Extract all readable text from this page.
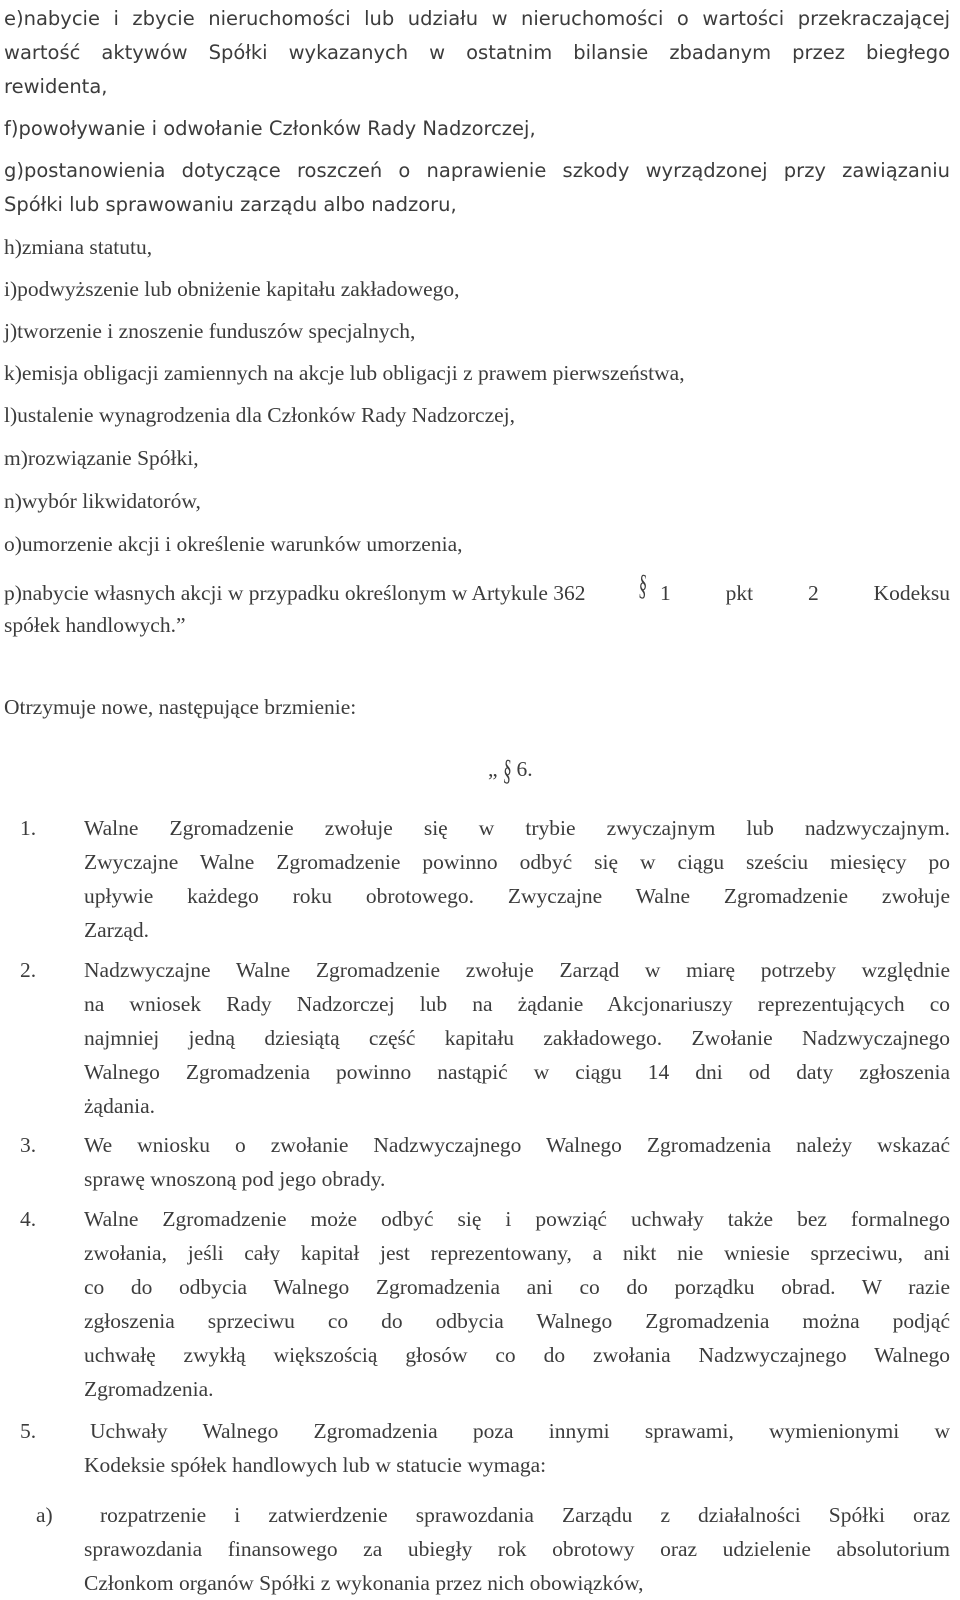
e)nabycie i zbycie nieruchomości lub udziału w nieruchomości o wartości przekraczającej
wartość aktywów Spółki wykazanych w ostatnim bilansie zbadanym przez biegłego
rewidenta,
f)powoływanie i odwołanie Członków Rady Nadzorczej,
g)postanowienia dotyczące roszczeń o naprawienie szkody wyrządzonej przy zawiązaniu
Spółki lub sprawowaniu zarządu albo nadzoru,
h)zmiana statutu,
i)podwyższenie lub obniżenie kapitału zakładowego,
j)tworzenie i znoszenie funduszów specjalnych,
k)emisja obligacji zamiennych na akcje lub obligacji z prawem pierwszeństwa,
l)ustalenie wynagrodzenia dla Członków Rady Nadzorczej,
m)rozwiązanie Spółki,
n)wybór likwidatorów,
o)umorzenie akcji i określenie warunków umorzenia,
p)nabycie własnych akcji w przypadku określonym w Artykule 362 § 1 pkt 2 Kodeksu
spółek handlowych.”
Otrzymuje nowe, następujące brzmienie:
„ § 6.
1. Walne Zgromadzenie zwołuje się w trybie zwyczajnym lub nadzwyczajnym.
Zwyczajne Walne Zgromadzenie powinno odbyć się w ciągu sześciu miesięcy po
upływie każdego roku obrotowego. Zwyczajne Walne Zgromadzenie zwołuje
Zarząd.
2. Nadzwyczajne Walne Zgromadzenie zwołuje Zarząd w miarę potrzeby względnie
na wniosek Rady Nadzorczej lub na żądanie Akcjonariuszy reprezentujących co
najmniej jedną dziesiątą część kapitału zakładowego. Zwołanie Nadzwyczajnego
Walnego Zgromadzenia powinno nastąpić w ciągu 14 dni od daty zgłoszenia
żądania.
3. We wniosku o zwołanie Nadzwyczajnego Walnego Zgromadzenia należy wskazać
sprawę wnoszoną pod jego obrady.
4. Walne Zgromadzenie może odbyć się i powziąć uchwały także bez formalnego
zwołania, jeśli cały kapitał jest reprezentowany, a nikt nie wniesie sprzeciwu, ani
co do odbycia Walnego Zgromadzenia ani co do porządku obrad. W razie
zgłoszenia sprzeciwu co do odbycia Walnego Zgromadzenia można podjąć
uchwałę zwykłą większością głosów co do zwołania Nadzwyczajnego Walnego
Zgromadzenia.
5.	Uchwały Walnego Zgromadzenia poza innymi sprawami, wymienionymi w
Kodeksie spółek handlowych lub w statucie wymaga:
a) rozpatrzenie i zatwierdzenie sprawozdania Zarządu z działalności Spółki oraz
sprawozdania finansowego za ubiegły rok obrotowy oraz udzielenie absolutorium
Członkom organów Spółki z wykonania przez nich obowiązków,
